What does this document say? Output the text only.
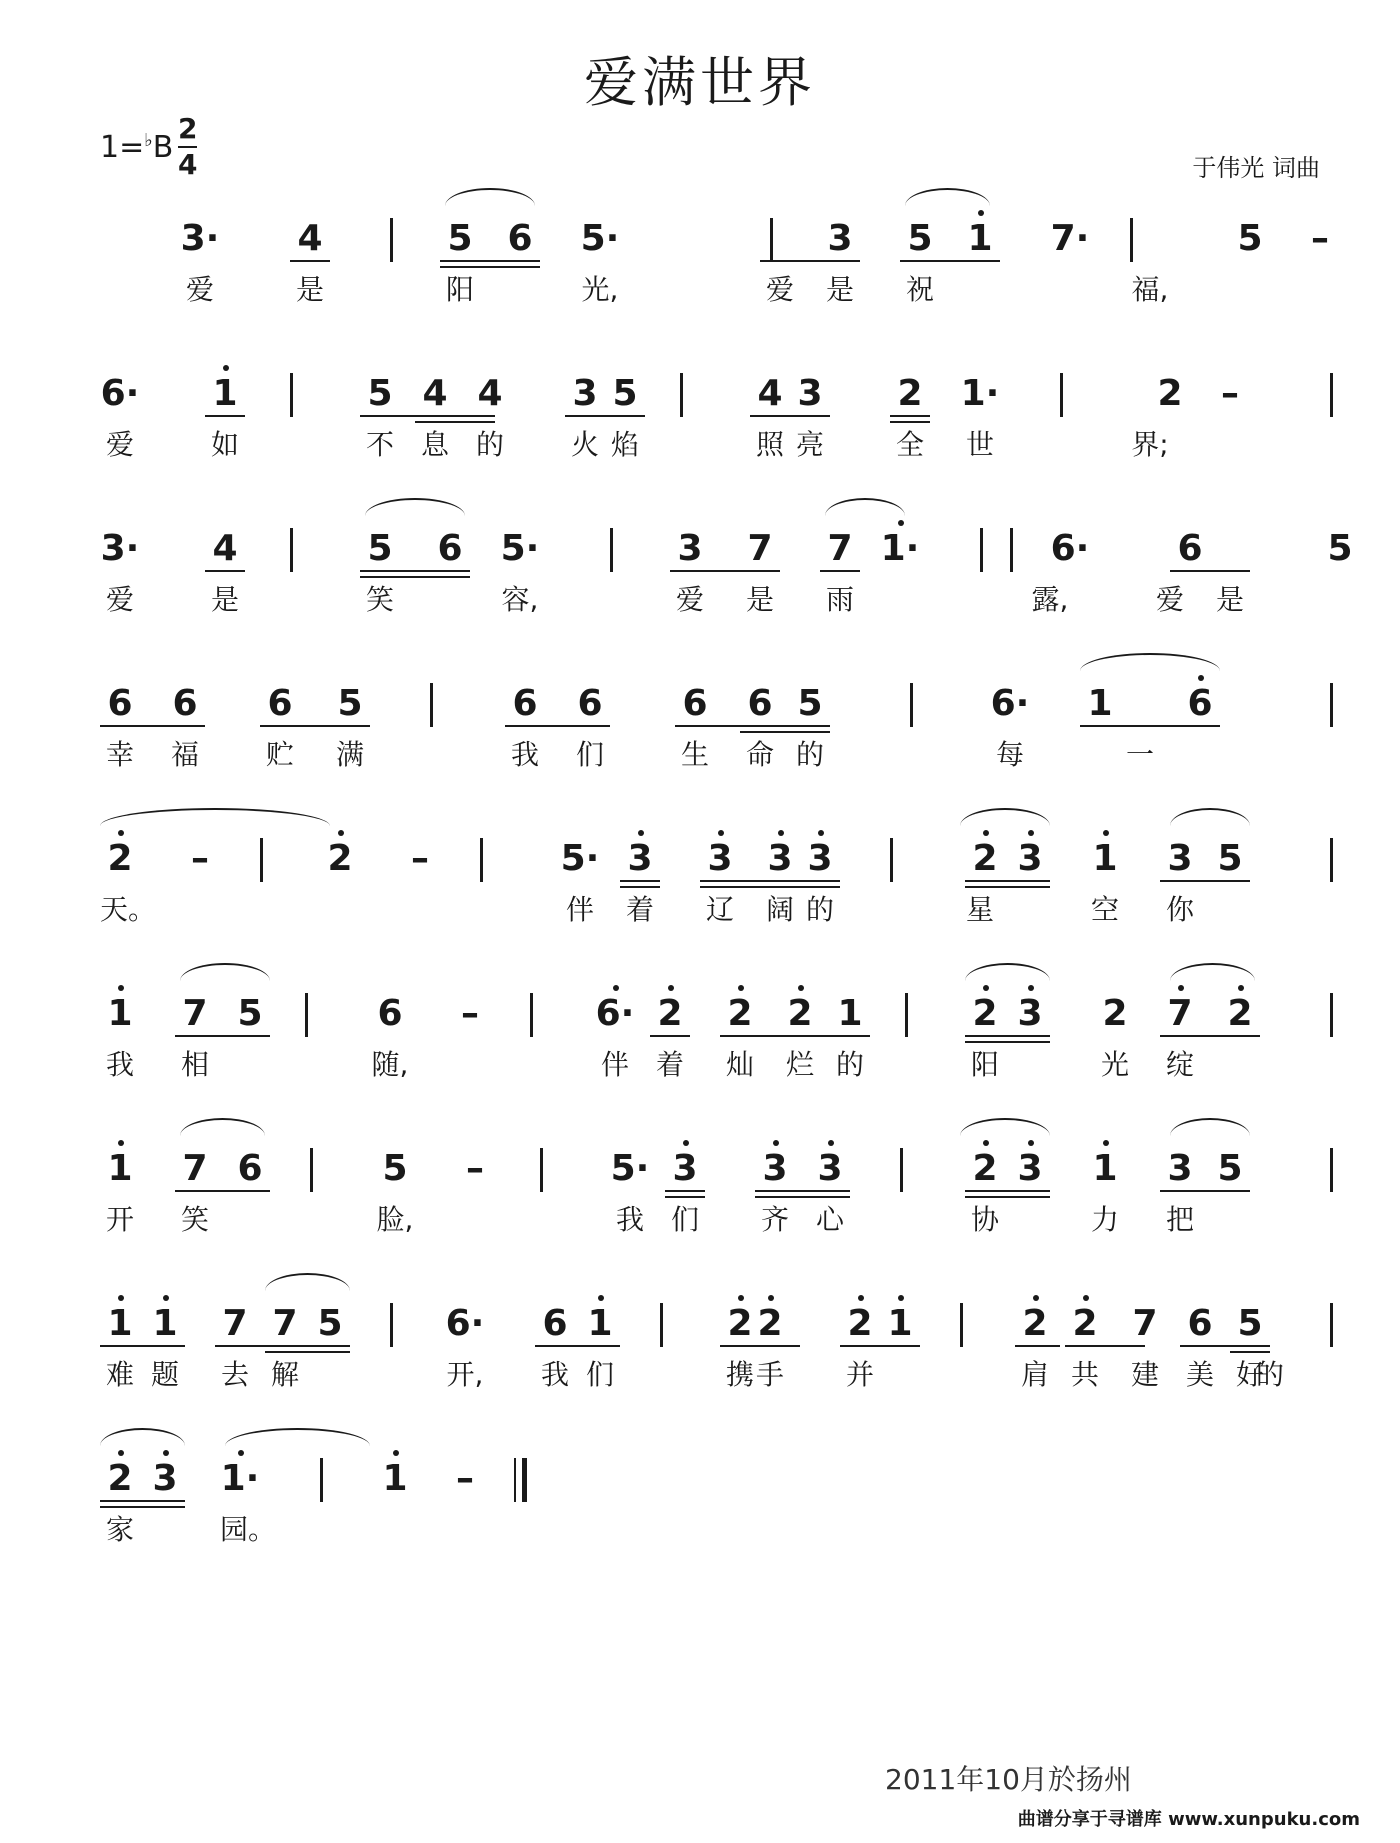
爱满世界
1=♭B
2
4	于伟光 词曲
3· 4	5 6 5·	3 5 1 7·	5	–
爱	是	阳	光,	爱 是 祝	福,
6· 1	5 4 4 3 5	4 3 2 1·	2	–
爱	如	不 息 的 火 焰	照 亮	全 世	界;
3· 4	5 6 5·	3 7 7 1·	6· 6	5
爱	是	笑	容,	爱 是 雨	露,	爱 是
6 6 6 5	6 6 6 6 5	6· 1 6
幸 福 贮 满	我 们	生 命 的	每	一
2	–	2	–	5· 3 3 3 3	2 3 1 3 5
天。	伴 着 辽 阔 的	星	空 你
1 7 5	6	–	6· 2 2 2 1	2 3 2 7 2
我 相	随,	伴 着 灿 烂 的	阳	光 绽
1 7 6	5	–	5· 3 3 3	2 3 1 3 5
开 笑	脸,	我 们 齐 心	协	力 把
1 1 7 7 5	6· 6 1	2 2 2 1	2 2 7 6 5
难 题 去 解	开, 我 们	携 手 并	肩 共 建 美 好
的
2 3 1·	1	–
家	园。
2011年10月於扬州
曲谱分享于寻谱库 www.xunpuku.com
